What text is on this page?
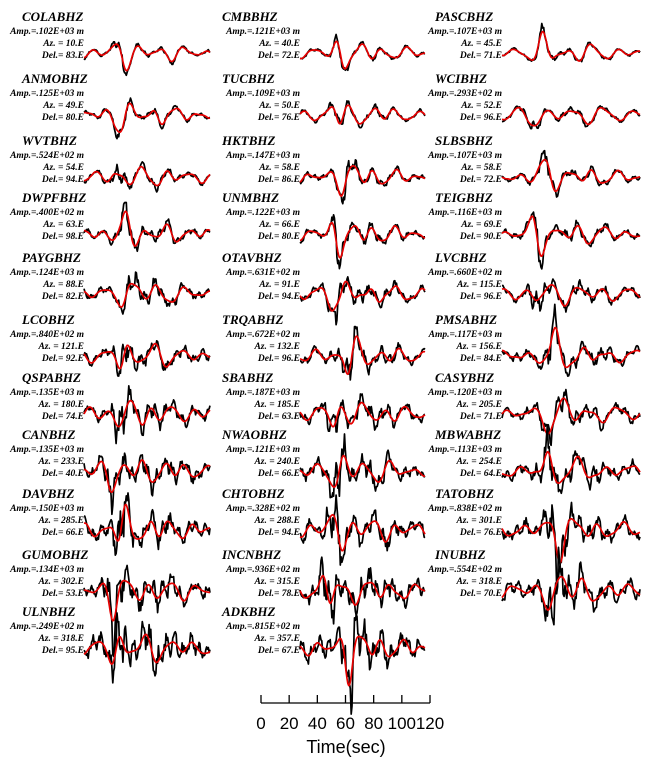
COLABHZ
Amp.=.102E+03 m
Az. = 10.E
Del.= 83.E
ANMOBHZ
Amp.=.125E+03 m
Az. = 49.E
Del.= 80.E
WVTBHZ
Amp.=.524E+02 m
Az. = 54.E
Del.= 94.E
DWPFBHZ
Amp.=.400E+02 m
Az. = 63.E
Del.= 98.E
PAYGBHZ
Amp.=.124E+03 m
Az. = 88.E
Del.= 82.E
LCOBHZ
Amp.=.840E+02 m
Az. = 121.E
Del.= 92.E
QSPABHZ
Amp.=.135E+03 m
Az. = 180.E
Del.= 74.E
CANBHZ
Amp.=.135E+03 m
Az. = 233.E
Del.= 40.E
DAVBHZ
Amp.=.150E+03 m
Az. = 285.E
Del.= 66.E
GUMOBHZ
Amp.=.134E+03 m
Az. = 302.E
Del.= 53.E
ULNBHZ
Amp.=.249E+02 m
Az. = 318.E
Del.= 95.E
CMBBHZ
Amp.=.121E+03 m
Az. = 40.E
Del.= 72.E
TUCBHZ
Amp.=.109E+03 m
Az. = 50.E
Del.= 76.E
HKTBHZ
Amp.=.147E+03 m
Az. = 58.E
Del.= 86.E
UNMBHZ
Amp.=.122E+03 m
Az. = 66.E
Del.= 80.E
OTAVBHZ
Amp.=.631E+02 m
Az. = 91.E
Del.= 94.E
TRQABHZ
Amp.=.672E+02 m
Az. = 132.E
Del.= 96.E
SBABHZ
Amp.=.187E+03 m
Az. = 185.E
Del.= 63.E
NWAOBHZ
Amp.=.121E+03 m
Az. = 240.E
Del.= 66.E
CHTOBHZ
Amp.=.328E+02 m
Az. = 288.E
Del.= 94.E
INCNBHZ
Amp.=.936E+02 m
Az. = 315.E
Del.= 78.E
ADKBHZ
Amp.=.815E+02 m
Az. = 357.E
Del.= 67.E
PASCBHZ
Amp.=.107E+03 m
Az. = 45.E
Del.= 71.E
WCIBHZ
Amp.=.293E+02 m
Az. = 52.E
Del.= 96.E
SLBSBHZ
Amp.=.107E+03 m
Az. = 58.E
Del.= 72.E
TEIGBHZ
Amp.=.116E+03 m
Az. = 69.E
Del.= 90.E
LVCBHZ
Amp.=.660E+02 m
Az. = 115.E
Del.= 96.E
PMSABHZ
Amp.=.117E+03 m
Az. = 156.E
Del.= 84.E
CASYBHZ
Amp.=.120E+03 m
Az. = 205.E
Del.= 71.E
MBWABHZ
Amp.=.113E+03 m
Az. = 254.E
Del.= 64.E
TATOBHZ
Amp.=.838E+02 m
Az. = 301.E
Del.= 76.E
INUBHZ
Amp.=.554E+02 m
Az. = 318.E
Del.= 70.E
0 20 40 60 80 100 120
Time(sec)
